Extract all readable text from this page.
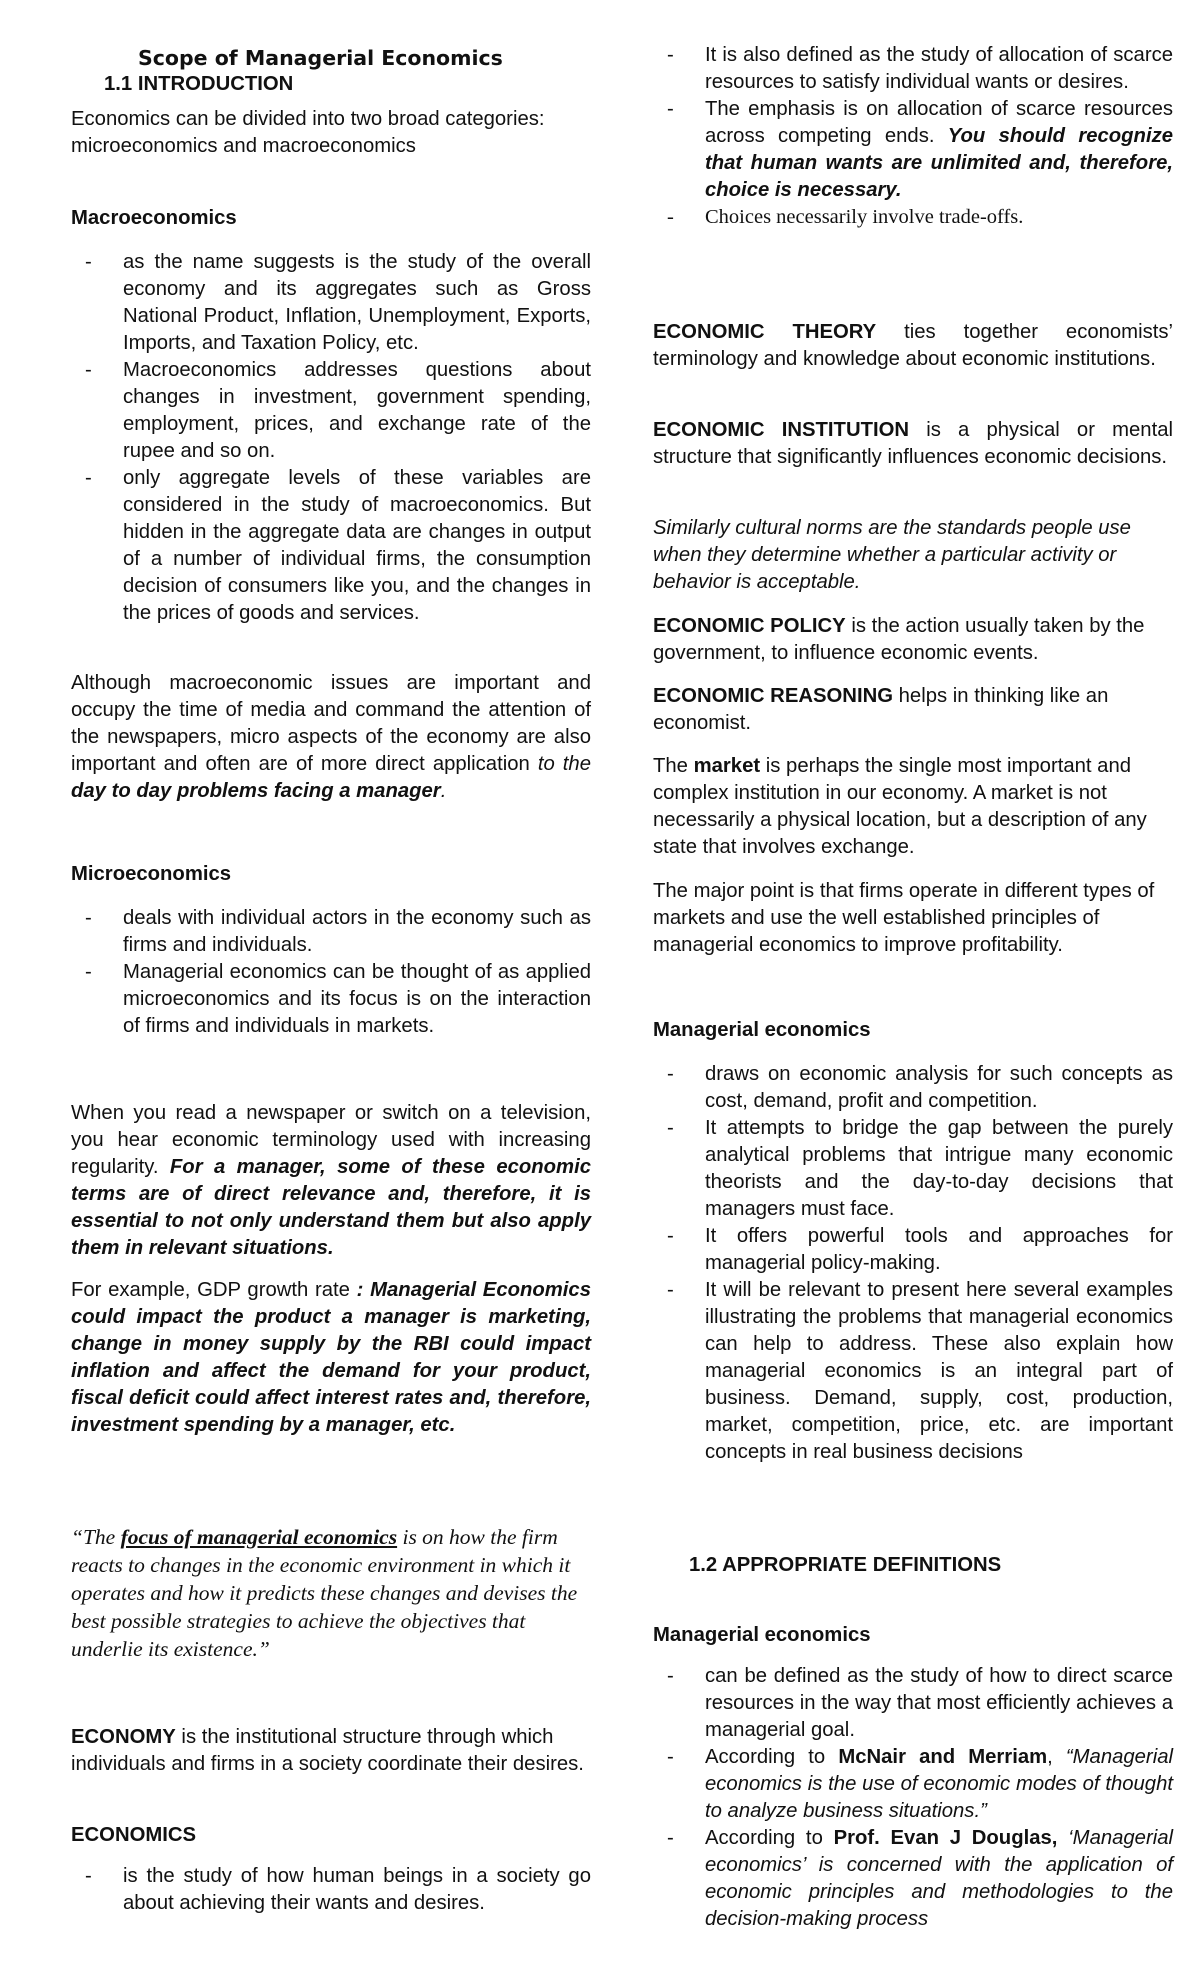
Scope of Managerial Economics
1.1 INTRODUCTION

Economics can be divided into two broad categories: microeconomics and macroeconomics

Macroeconomics
- as the name suggests is the study of the overall economy and its aggregates such as Gross National Product, Inflation, Unemployment, Exports, Imports, and Taxation Policy, etc.
- Macroeconomics addresses questions about changes in investment, government spending, employment, prices, and exchange rate of the rupee and so on.
- only aggregate levels of these variables are considered in the study of macroeconomics. But hidden in the aggregate data are changes in output of a number of individual firms, the consumption decision of consumers like you, and the changes in the prices of goods and services.

Although macroeconomic issues are important and occupy the time of media and command the attention of the newspapers, micro aspects of the economy are also important and often are of more direct application to the day to day problems facing a manager.

Microeconomics
- deals with individual actors in the economy such as firms and individuals.
- Managerial economics can be thought of as applied microeconomics and its focus is on the interaction of firms and individuals in markets.

When you read a newspaper or switch on a television, you hear economic terminology used with increasing regularity. For a manager, some of these economic terms are of direct relevance and, therefore, it is essential to not only understand them but also apply them in relevant situations.

For example, GDP growth rate : Managerial Economics could impact the product a manager is marketing, change in money supply by the RBI could impact inflation and affect the demand for your product, fiscal deficit could affect interest rates and, therefore, investment spending by a manager, etc.

“The focus of managerial economics is on how the firm reacts to changes in the economic environment in which it operates and how it predicts these changes and devises the best possible strategies to achieve the objectives that underlie its existence.”

ECONOMY is the institutional structure through which individuals and firms in a society coordinate their desires.

ECONOMICS
- is the study of how human beings in a society go about achieving their wants and desires.
- It is also defined as the study of allocation of scarce resources to satisfy individual wants or desires.
- The emphasis is on allocation of scarce resources across competing ends. You should recognize that human wants are unlimited and, therefore, choice is necessary.
- Choices necessarily involve trade-offs.

ECONOMIC THEORY ties together economists’ terminology and knowledge about economic institutions.

ECONOMIC INSTITUTION is a physical or mental structure that significantly influences economic decisions.

Similarly cultural norms are the standards people use when they determine whether a particular activity or behavior is acceptable.

ECONOMIC POLICY is the action usually taken by the government, to influence economic events.

ECONOMIC REASONING helps in thinking like an economist.

The market is perhaps the single most important and complex institution in our economy. A market is not necessarily a physical location, but a description of any state that involves exchange.

The major point is that firms operate in different types of markets and use the well established principles of managerial economics to improve profitability.

Managerial economics
- draws on economic analysis for such concepts as cost, demand, profit and competition.
- It attempts to bridge the gap between the purely analytical problems that intrigue many economic theorists and the day-to-day decisions that managers must face.
- It offers powerful tools and approaches for managerial policy-making.
- It will be relevant to present here several examples illustrating the problems that managerial economics can help to address. These also explain how managerial economics is an integral part of business. Demand, supply, cost, production, market, competition, price, etc. are important concepts in real business decisions
1.2 APPROPRIATE DEFINITIONS
Managerial economics
- can be defined as the study of how to direct scarce resources in the way that most efficiently achieves a managerial goal.
- According to McNair and Merriam, “Managerial economics is the use of economic modes of thought to analyze business situations.”
- According to Prof. Evan J Douglas, ‘Managerial economics’ is concerned with the application of economic principles and methodologies to the decision-making process
